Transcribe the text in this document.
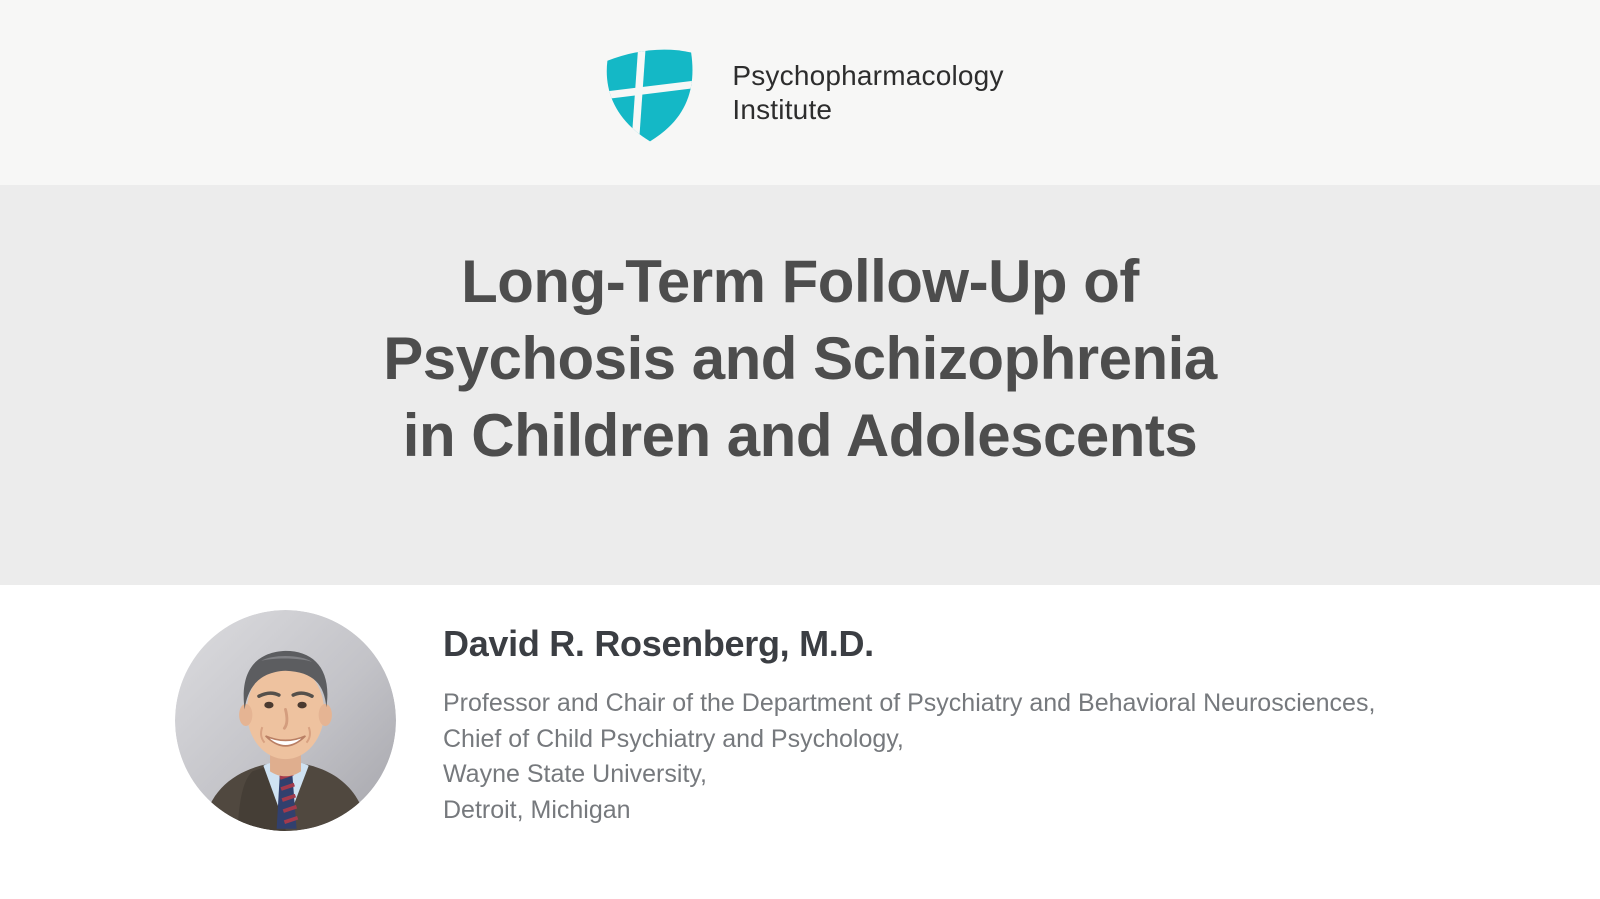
Psychopharmacology
Institute
Long-Term Follow-Up of
Psychosis and Schizophrenia
in Children and Adolescents
David R. Rosenberg, M.D.

Professor and Chair of the Department of Psychiatry and Behavioral Neurosciences,

Chief of Child Psychiatry and Psychology,

Wayne State University,

Detroit, Michigan
